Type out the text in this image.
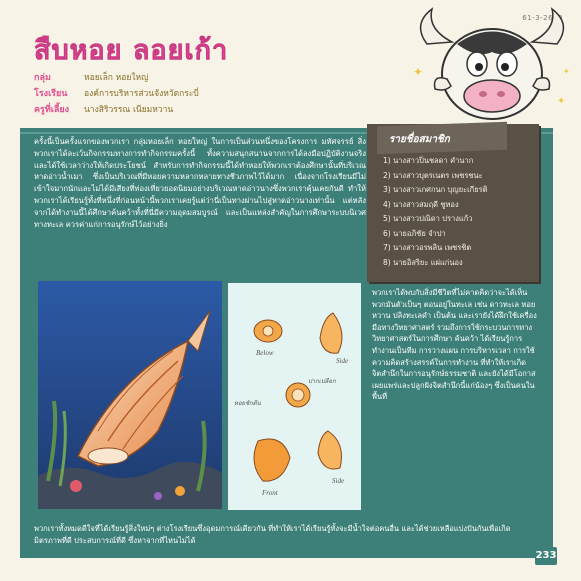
61-3-2610
สืบหอย ลอยเก้า
กลุ่ม	หอยเล็ก หอยใหญ่
โรงเรียน	องค์การบริหารส่วนจังหวัดกระบี่
ครูที่เลี้ยง	นางสิริวรรณ เนียมหวาน
✦
✦
✦
รายชื่อสมาชิก
1) นางสาวปิ่นชลดา คำนาก
2) นางสาวบุตรเนตร เพชรชนะ
3) นางสาวเกศกนก บุญยะเกียรติ
4) นางสาวสมฤดี ชูทอง
5) นางสาวปณิดา ปรางแก้ว
6) นายอภิชัย จำปา
7) นางสาวอรพลิน เพชรชิต
8) นายอิสริยะ แผ่แก่นอง
ครั้งนี้เป็นครั้งแรกของพวกเรา กลุ่มหอยเล็ก หอยใหญ่ ในการเป็นส่วนหนึ่งของโครงการ มหัศจรรย์ สิ่งพวกเราได้ละเว้นกิจกรรมทางการทำกิจกรรมครั้งนี้ ทั้งความสนุกสนานจากการได้ลงมือปฏิบัติงานจริงและได้ใช้เวลาว่างให้เกิดประโยชน์ สำหรับการทำกิจกรรมนี้ได้ทำหอยให้พวกเราต้องศึกษานั้นที่บริเวณหาดอ่าวน้ำเมา ซึ่งเป็นบริเวณที่มีหอยความหลากหลายทางชีวภาพไว้ได้มาก เนื่องจากโรงเรียนมีไม่เข้าใจมากนักและไม่ได้มีเสียงที่ท่องเที่ยวยอดนิยมอย่างบริเวณหาดอ่าวนางซึ่งพวกเราคุ้นเคยกันดี ทำให้พวกเราได้เรียนรู้ทั้งที่หนึ่งที่ก่อนหน้านี้พวกเราเคยรู้แต่ว่านี่เป็นทางผ่านไปสู่หาดอ่าวนางเท่านั้น แต่หลังจากได้ทำงานนี้ได้ศึกษาค้นคว้าทั้งที่นี่มีความอุดมสมบูรณ์ และเป็นแหล่งสำคัญในการศึกษาระบบนิเวศทางทะเล ควรค่าแก่การอนุรักษ์ไว้อย่างยิ่ง
Below
Side
ปากเปลือก
หอยชักตีน
Side
Front
พวกเราได้พบกับสิ่งมีชีวิตที่ไม่คาดคิดว่าจะได้เห็นพวกมันตัวเป็นๆ ตอนอยู่ในทะเล เช่น ดาวทะเล หอยหวาน ปลิงทะเลดำ เป็นต้น และเรายังได้ฝึกใช้เครื่องมือทางวิทยาศาสตร์ รวมถึงการใช้กระบวนการทางวิทยาศาสตร์ในการศึกษา ค้นคว้า ได้เรียนรู้การทำงานเป็นทีม การวางแผน การบริหารเวลา การใช้ความคิดสร้างสรรค์ในการทำงาน ที่ทำให้เราเกิดจิตสำนึกในการอนุรักษ์ธรรมชาติ และยังได้มีโอกาสเผยแพร่และปลูกฝังจิตสำนึกนี้แก่น้องๆ ซึ่งเป็นคนในพื้นที่
พวกเราทั้งหมดดีใจที่ได้เรียนรู้สิ่งใหม่ๆ ต่างโรงเรียนซึ่งอุดมการณ์เดียวกัน ที่ทำให้เราได้เรียนรู้ทั้งจะมีน้ำใจต่อคนอื่น และได้ช่วยเหลือแบ่งปันกันเพื่อเกิดมิตรภาพที่ดี ประสบการณ์ที่ดี ซึ่งหาจากที่ไหนไม่ได้
233
